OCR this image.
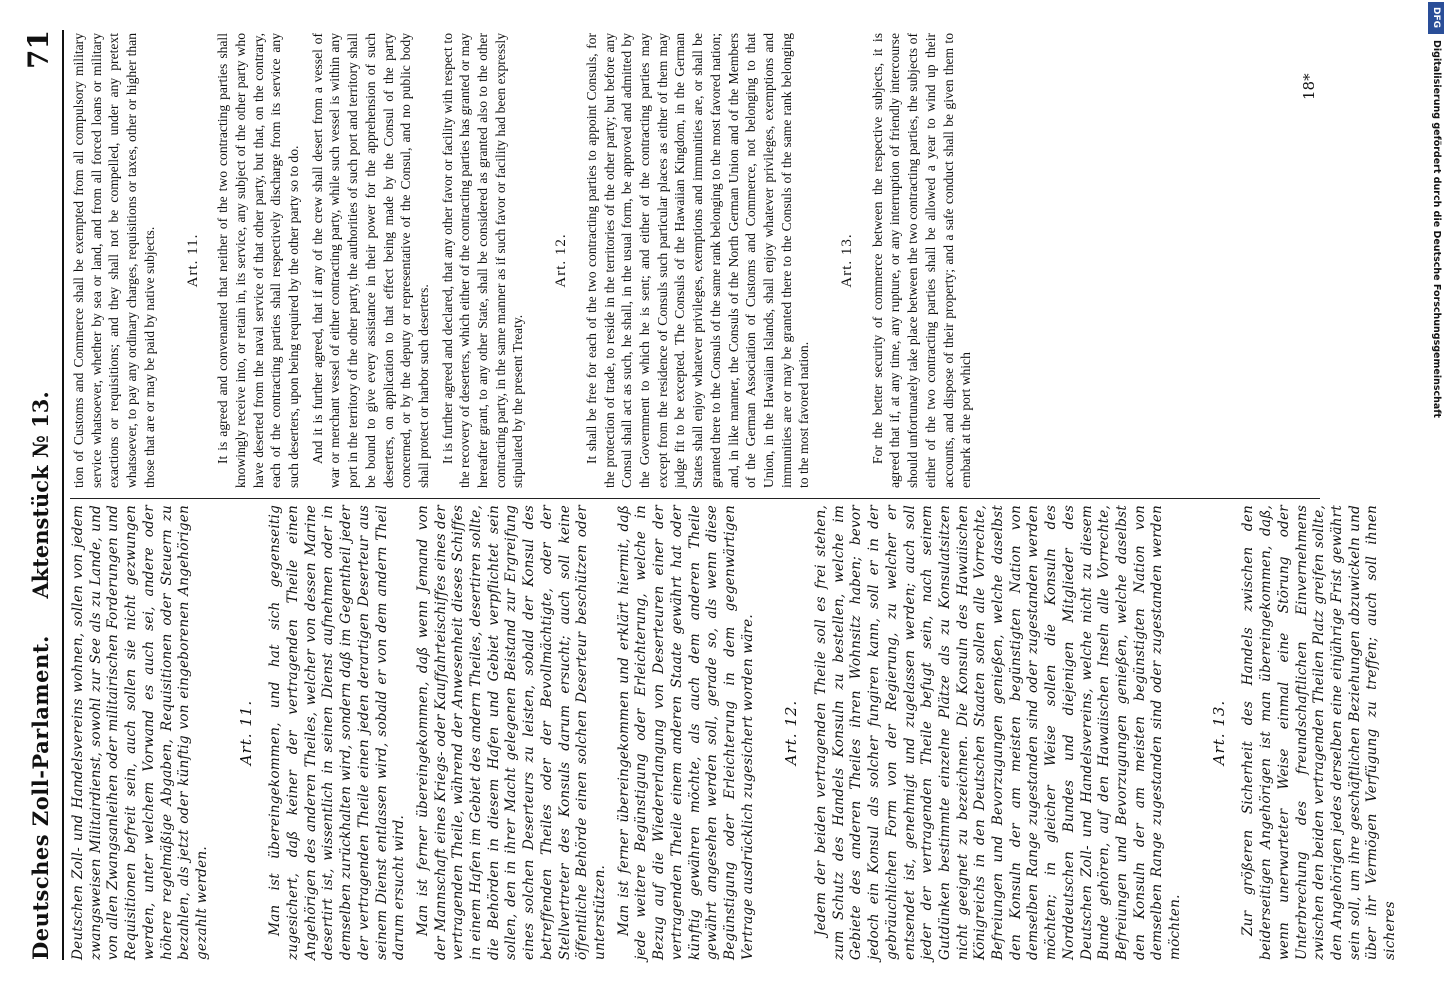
Deutsches Zoll-Parlament.
Aktenstück № 13.
71

Deutschen Zoll- und Handelsvereins wohnen, sollen von jedem zwangsweisen Militairdienst, sowohl zur See als zu Lande, und von allen Zwangsanleihen oder militairischen Forderungen und Requisitionen befreit sein, auch sollen sie nicht gezwungen werden, unter welchem Vorwand es auch sei, andere oder höhere regelmäßige Abgaben, Requisitionen oder Steuern zu bezahlen, als jetzt oder künftig von eingeborenen Angehörigen gezahlt werden.

Art. 11. Man ist übereingekommen, und hat sich gegenseitig zugesichert, daß keiner der vertragenden Theile einen Angehörigen des anderen Theiles, welcher von dessen Marine desertirt ist, wissentlich in seinen Dienst aufnehmen oder in demselben zurückhalten wird, sondern daß im Gegentheil jeder der vertragenden Theile einen jeden derartigen Deserteur aus seinem Dienst entlassen wird, sobald er von dem andern Theil darum ersucht wird. Man ist ferner übereingekommen, daß wenn Jemand von der Mannschaft eines Kriegs- oder Kauffahrteischiffes eines der vertragenden Theile, während der Anwesenheit dieses Schiffes in einem Hafen im Gebiet des andern Theiles, desertiren sollte, die Behörden in diesem Hafen und Gebiet verpflichtet sein sollen, den in ihrer Macht gelegenen Beistand zur Ergreifung eines solchen Deserteurs zu leisten, sobald der Konsul des betreffenden Theiles oder der Bevollmächtigte, oder der Stellvertreter des Konsuls darum ersucht; auch soll keine öffentliche Behörde einen solchen Deserteur beschützen oder unterstützen. Man ist ferner übereingekommen und erklärt hiermit, daß jede weitere Begünstigung oder Erleichterung, welche in Bezug auf die Wiedererlangung von Deserteuren einer der vertragenden Theile einem anderen Staate gewährt hat oder künftig gewähren möchte, als auch dem anderen Theile gewährt angesehen werden soll, gerade so, als wenn diese Begünstigung oder Erleichterung in dem gegenwärtigen Vertrage ausdrücklich zugesichert worden wäre. Art. 12. Jedem der beiden vertragenden Theile soll es frei stehen, zum Schutz des Handels Konsuln zu bestellen, welche im Gebiete des anderen Theiles ihren Wohnsitz haben; bevor jedoch ein Konsul als solcher fungiren kann, soll er in der gebräuchlichen Form von der Regierung, zu welcher er entsendet ist, genehmigt und zugelassen werden; auch soll jeder der vertragenden Theile befugt sein, nach seinem Gutdünken bestimmte einzelne Plätze als zu Konsulatsitzen nicht geeignet zu bezeichnen. Die Konsuln des Hawaiischen Königreichs in den Deutschen Staaten sollen alle Vorrechte, Befreiungen und Bevorzugungen genießen, welche daselbst den Konsuln der am meisten begünstigten Nation von demselben Range zugestanden sind oder zugestanden werden möchten; in gleicher Weise sollen die Konsuln des Norddeutschen Bundes und diejenigen Mitglieder des Deutschen Zoll- und Handelsvereins, welche nicht zu diesem Bunde gehören, auf den Hawaiischen Inseln alle Vorrechte, Befreiungen und Bevorzugungen genießen, welche daselbst den Konsuln der am meisten begünstigten Nation von demselben Range zugestanden sind oder zugestanden werden möchten.

Art. 13. Zur größeren Sicherheit des Handels zwischen den beiderseitigen Angehörigen ist man übereingekommen, daß, wenn unerwarteter Weise einmal eine Störung oder Unterbrechung des freundschaftlichen Einvernehmens zwischen den beiden vertragenden Theilen Platz greifen sollte, den Angehörigen jedes derselben eine einjährige Frist gewährt sein soll, um ihre geschäftlichen Beziehungen abzuwickeln und über ihr Vermögen Verfügung zu treffen; auch soll ihnen sicheres

tion of Customs and Commerce shall be exempted from all compulsory military service whatsoever, whether by sea or land, and from all forced loans or military exactions or requisitions; and they shall not be compelled, under any pretext whatsoever, to pay any ordinary charges, requisitions or taxes, other or higher than those that are or may be paid by native subjects. Art. 11. It is agreed and convenanted that neither of the two contracting parties shall knowingly receive into, or retain in, its service, any subject of the other party who have deserted from the naval service of that other party, but that, on the contrary, each of the contracting parties shall respectively discharge from its service any such deserters, upon being required by the other party so to do. And it is further agreed, that if any of the crew shall desert from a vessel of war or merchant vessel of either contracting party, while such vessel is within any port in the territory of the other party, the authorities of such port and territory shall be bound to give every assistance in their power for the apprehension of such deserters, on application to that effect being made by the Consul of the party concerned, or by the deputy or representative of the Consul, and no public body shall protect or harbor such deserters. It is further agreed and declared, that any other favor or facility with respect to the recovery of deserters, which either of the contracting parties has granted or may hereafter grant, to any other State, shall be considered as granted also to the other contracting party, in the same manner as if such favor or facility had been expressly stipulated by the present Treaty.

Art. 12. It shall be free for each of the two contracting parties to appoint Consuls, for the protection of trade, to reside in the territories of the other party; but before any Consul shall act as such, he shall, in the usual form, be approved and admitted by the Government to which he is sent; and either of the contracting parties may except from the residence of Consuls such particular places as either of them may judge fit to be excepted. The Consuls of the Hawaiian Kingdom, in the German States shall enjoy whatever privileges, exemptions and immunities are, or shall be granted there to the Consuls of the same rank belonging to the most favored nation; and, in like manner, the Consuls of the North German Union and of the Members of the German Association of Customs and Commerce, not belonging to that Union, in the Hawaiian Islands, shall enjoy whatever privileges, exemptions and immunities are or may be granted there to the Consuls of the same rank belonging to the most favored nation.

Art. 13. For the better security of commerce between the respective subjects, it is agreed that if, at any time, any rupture, or any interruption of friendly intercourse should unfortunately take place between the two contracting parties, the subjects of either of the two contracting parties shall be allowed a year to wind up their accounts, and dispose of their property; and a safe conduct shall be given them to embark at the port which

18*
DFG
Digitalisierung gefördert durch die Deutsche Forschungsgemeinschaft
